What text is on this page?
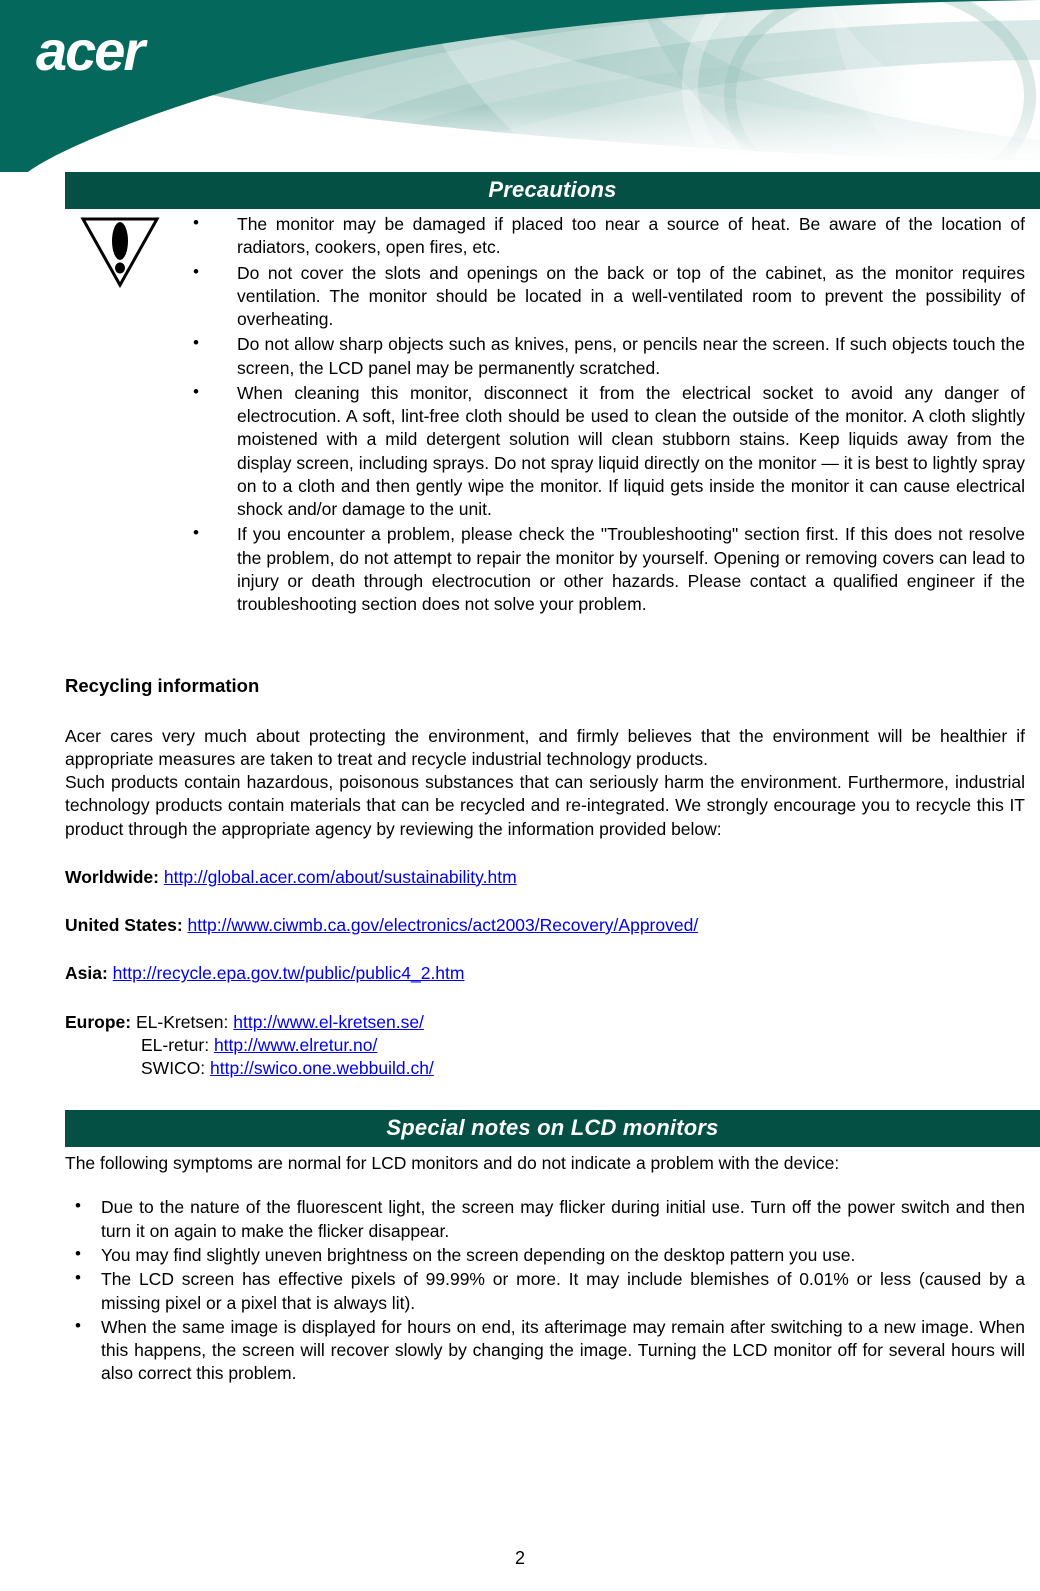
acer
Precautions
• The monitor may be damaged if placed too near a source of heat. Be aware of the location of radiators, cookers, open fires, etc.
• Do not cover the slots and openings on the back or top of the cabinet, as the monitor requires ventilation. The monitor should be located in a well-ventilated room to prevent the possibility of overheating.
• Do not allow sharp objects such as knives, pens, or pencils near the screen. If such objects touch the screen, the LCD panel may be permanently scratched.
• When cleaning this monitor, disconnect it from the electrical socket to avoid any danger of electrocution. A soft, lint-free cloth should be used to clean the outside of the monitor. A cloth slightly moistened with a mild detergent solution will clean stubborn stains. Keep liquids away from the display screen, including sprays. Do not spray liquid directly on the monitor — it is best to lightly spray on to a cloth and then gently wipe the monitor. If liquid gets inside the monitor it can cause electrical shock and/or damage to the unit.
• If you encounter a problem, please check the "Troubleshooting" section first. If this does not resolve the problem, do not attempt to repair the monitor by yourself. Opening or removing covers can lead to injury or death through electrocution or other hazards. Please contact a qualified engineer if the troubleshooting section does not solve your problem.
Recycling information

Acer cares very much about protecting the environment, and firmly believes that the environment will be healthier if appropriate measures are taken to treat and recycle industrial technology products.

Such products contain hazardous, poisonous substances that can seriously harm the environment. Furthermore, industrial technology products contain materials that can be recycled and re-integrated. We strongly encourage you to recycle this IT product through the appropriate agency by reviewing the information provided below:

Worldwide: http://global.acer.com/about/sustainability.htm
United States: http://www.ciwmb.ca.gov/electronics/act2003/Recovery/Approved/
Asia: http://recycle.epa.gov.tw/public/public4_2.htm
Europe: EL-Kretsen: http://www.el-kretsen.se/
EL-retur: http://www.elretur.no/
SWICO: http://swico.one.webbuild.ch/
Special notes on LCD monitors
The following symptoms are normal for LCD monitors and do not indicate a problem with the device:
• Due to the nature of the fluorescent light, the screen may flicker during initial use. Turn off the power switch and then turn it on again to make the flicker disappear.
• You may find slightly uneven brightness on the screen depending on the desktop pattern you use.
• The LCD screen has effective pixels of 99.99% or more. It may include blemishes of 0.01% or less (caused by a missing pixel or a pixel that is always lit).
• When the same image is displayed for hours on end, its afterimage may remain after switching to a new image. When this happens, the screen will recover slowly by changing the image. Turning the LCD monitor off for several hours will also correct this problem.
2
